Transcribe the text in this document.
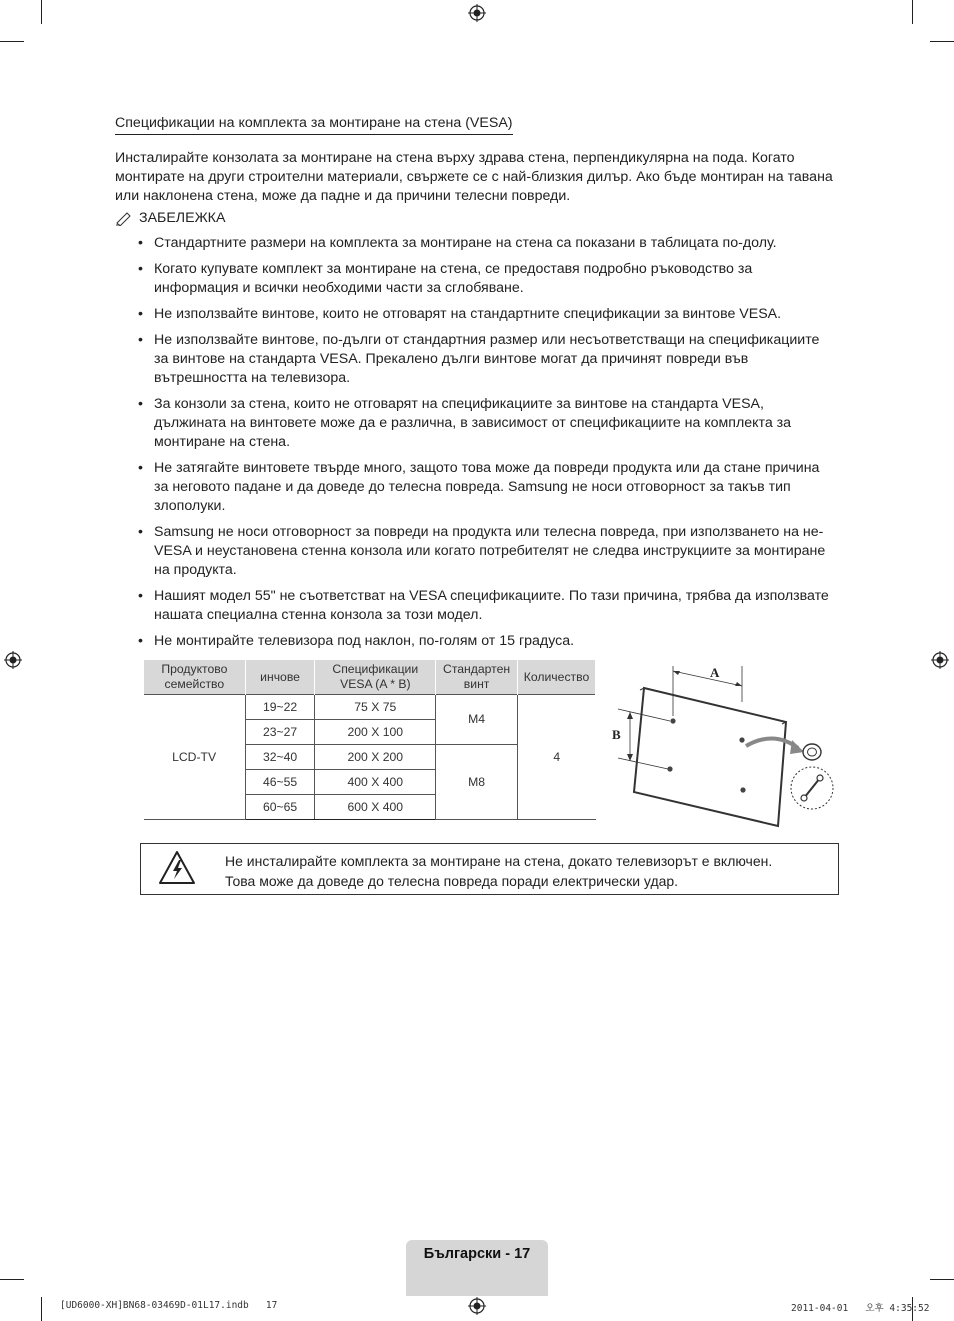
Спецификации на комплекта за монтиране на стена (VESA)

Инсталирайте конзолата за монтиране на стена върху здрава стена, перпендикулярна на пода. Когато монтирате на други строителни материали, свържете се с най-близкия дилър. Ако бъде монтиран на тавана или наклонена стена, може да падне и да причини телесни повреди.

ЗАБЕЛЕЖКА
• Стандартните размери на комплекта за монтиране на стена са показани в таблицата по-долу.
• Когато купувате комплект за монтиране на стена, се предоставя подробно ръководство за информация и всички необходими части за сглобяване.
• Не използвайте винтове, които не отговарят на стандартните спецификации за винтове VESA.
• Не използвайте винтове, по-дълги от стандартния размер или несъответстващи на спецификациите за винтове на стандарта VESA. Прекалено дълги винтове могат да причинят повреди във вътрешността на телевизора.
• За конзоли за стена, които не отговарят на спецификациите за винтове на стандарта VESA, дължината на винтовете може да е различна, в зависимост от спецификациите на комплекта за монтиране на стена.
• Не затягайте винтовете твърде много, защото това може да повреди продукта или да стане причина за неговото падане и да доведе до телесна повреда. Samsung не носи отговорност за такъв тип злополуки.
• Samsung не носи отговорност за повреди на продукта или телесна повреда, при използването на не-VESA и неустановена стенна конзола или когато потребителят не следва инструкциите за монтиране на продукта.
• Нашият модел 55" не съответстват на VESA спецификациите. По тази причина, трябва да използвате нашата специална стенна конзола за този модел.
• Не монтирайте телевизора под наклон, по-голям от 15 градуса.
Продуктово семейство	инчове	Спецификации VESA (A * B)	Стандартен винт	Количество
LCD-TV	19~22	75 X 75	M4	4
	23~27	200 X 100		
	32~40	200 X 200	M8	
	46~55	400 X 400		
	60~65	600 X 400		
A
B
Не инсталирайте комплекта за монтиране на стена, докато телевизорът е включен.
Това може да доведе до телесна повреда поради електрически удар.
Български - 17
[UD6000-XH]BN68-03469D-01L17.indb   17	2011-04-01   오후 4:35:52
